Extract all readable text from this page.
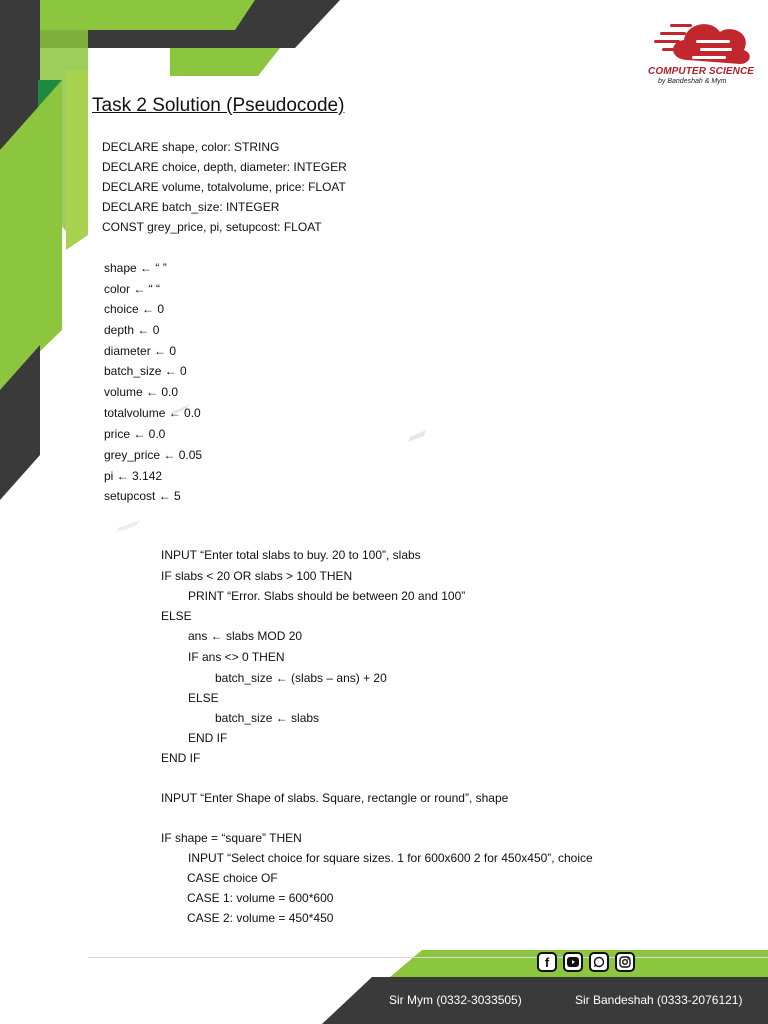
COMPUTER SCIENCE
by Bandeshah & Mym
Task 2 Solution (Pseudocode)
DECLARE shape, color: STRING
DECLARE choice, depth, diameter: INTEGER
DECLARE volume, totalvolume, price: FLOAT
DECLARE batch_size: INTEGER
CONST grey_price, pi, setupcost: FLOAT
shape ← “ ”
color ← “ “
choice ← 0
depth ← 0
diameter ← 0
batch_size ← 0
volume ← 0.0
totalvolume ← 0.0
price ← 0.0
grey_price ← 0.05
pi ← 3.142
setupcost ← 5
INPUT “Enter total slabs to buy. 20 to 100”, slabs
IF slabs < 20 OR slabs > 100 THEN
PRINT “Error. Slabs should be between 20 and 100”
ELSE
ans ← slabs MOD 20
IF ans <> 0 THEN
batch_size ← (slabs – ans) + 20
ELSE
batch_size ← slabs
END IF
END IF
INPUT “Enter Shape of slabs. Square, rectangle or round”, shape
IF shape = “square” THEN
INPUT “Select choice for square sizes. 1 for 600x600 2 for 450x450”, choice
CASE choice OF
CASE 1: volume = 600*600
CASE 2: volume = 450*450
f
Sir Mym (0332-3033505)	Sir Bandeshah (0333-2076121)
